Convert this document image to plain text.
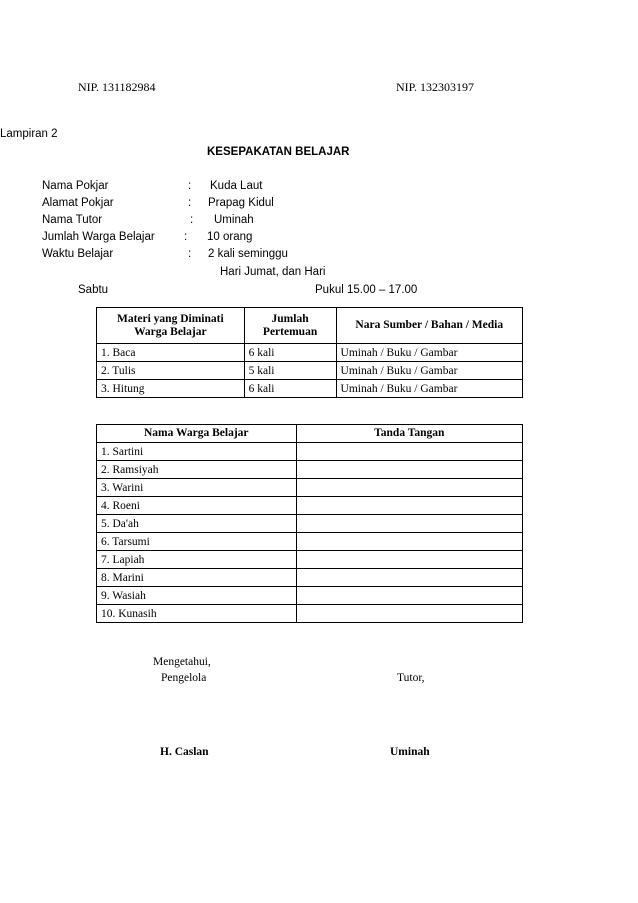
NIP. 131182984	NIP. 132303197
Lampiran 2
KESEPAKATAN BELAJAR
Nama Pokjar	: Kuda Laut
Alamat Pokjar	: Prapag Kidul
Nama Tutor	: Uminah
Jumlah Warga Belajar	: 10 orang
Waktu Belajar	: 2 kali seminggu
Hari Jumat, dan Hari
Sabtu	Pukul 15.00 – 17.00
Materi yang Diminati Warga Belajar	Jumlah Pertemuan	Nara Sumber / Bahan / Media
1. Baca	6 kali	Uminah / Buku / Gambar
2. Tulis	5 kali	Uminah / Buku / Gambar
3. Hitung	6 kali	Uminah / Buku / Gambar
Nama Warga Belajar	Tanda Tangan
1. Sartini	
2. Ramsiyah	
3. Warini	
4. Roeni	
5. Da'ah	
6. Tarsumi	
7. Lapiah	
8. Marini	
9. Wasiah	
10. Kunasih	
Mengetahui,
Pengelola	Tutor,
H. Caslan	Uminah
